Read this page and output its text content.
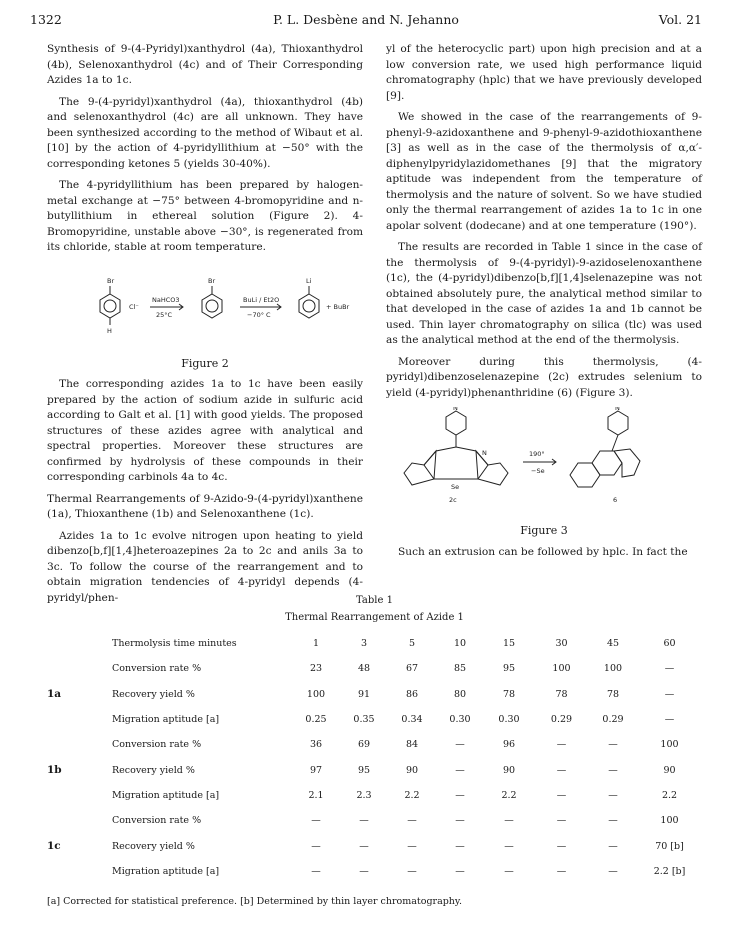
1322	P. L. Desbène and N. Jehanno	Vol. 21

Synthesis of 9-(4-Pyridyl)xanthydrol (4a), Thioxanthydrol (4b), Selenoxanthydrol (4c) and of Their Corresponding Azides 1a to 1c.

The 9-(4-pyridyl)xanthydrol (4a), thioxanthydrol (4b) and selenoxanthydrol (4c) are all unknown. They have been synthesized according to the method of Wibaut et al. [10] by the action of 4-pyridyllithium at −50° with the corresponding ketones 5 (yields 30-40%).

The 4-pyridyllithium has been prepared by halogen-metal exchange at −75° between 4-bromopyridine and n-butyllithium in ethereal solution (Figure 2). 4-Bromopyridine, unstable above −30°, is regenerated from its chloride, stable at room temperature.

Br	Br	Li
H
Cl⁻
NaHCO3
25°C
BuLi / Et2O
−70° C
+ BuBr
Figure 2

The corresponding azides 1a to 1c have been easily prepared by the action of sodium azide in sulfuric acid according to Galt et al. [1] with good yields. The proposed structures of these azides agree with analytical and spectral properties. Moreover these structures are confirmed by hydrolysis of these compounds in their corresponding carbinols 4a to 4c.

Thermal Rearrangements of 9-Azido-9-(4-pyridyl)xanthene (1a), Thioxanthene (1b) and Selenoxanthene (1c).

Azides 1a to 1c evolve nitrogen upon heating to yield dibenzo[b,f][1,4]heteroazepines 2a to 2c and anils 3a to 3c. To follow the course of the rearrangement and to obtain migration tendencies of 4-pyridyl depends (4-pyridyl/phen-

yl of the heterocyclic part) upon high precision and at a low conversion rate, we used high performance liquid chromatography (hplc) that we have previously developed [9].

We showed in the case of the rearrangements of 9-phenyl-9-azidoxanthene and 9-phenyl-9-azidothioxanthene [3] as well as in the case of the thermolysis of α,α′-diphenylpyridylazidomethanes [9] that the migratory aptitude was independent from the temperature of thermolysis and the nature of solvent. So we have studied only the thermal rearrangement of azides 1a to 1c in one apolar solvent (dodecane) and at one temperature (190°).

The results are recorded in Table 1 since in the case of the thermolysis of 9-(4-pyridyl)-9-azidoselenoxanthene (1c), the (4-pyridyl)dibenzo[b,f][1,4]selenazepine was not obtained absolutely pure, the analytical method similar to that developed in the case of azides 1a and 1b cannot be used. Thin layer chromatography on silica (tlc) was used as the analytical method at the end of the thermolysis.

Moreover during this thermolysis, (4-pyridyl)dibenzoselenazepine (2c) extrudes selenium to yield (4-pyridyl)phenanthridine (6) (Figure 3).

N	N
N
Se
190°
−Se
2c	6
Figure 3

Such an extrusion can be followed by hplc. In fact the

Table 1
Thermal Rearrangement of Azide 1
	Thermolysis time minutes	1	3	5	10	15	30	45	60
	Conversion rate %	23	48	67	85	95	100	100	—
1a	Recovery yield %	100	91	86	80	78	78	78	—
	Migration aptitude [a]	0.25	0.35	0.34	0.30	0.30	0.29	0.29	—
	Conversion rate %	36	69	84	—	96	—	—	100
1b	Recovery yield %	97	95	90	—	90	—	—	90
	Migration aptitude [a]	2.1	2.3	2.2	—	2.2	—	—	2.2
	Conversion rate %	—	—	—	—	—	—	—	100
1c	Recovery yield %	—	—	—	—	—	—	—	70 [b]
	Migration aptitude [a]	—	—	—	—	—	—	—	2.2 [b]
[a] Corrected for statistical preference. [b] Determined by thin layer chromatography.
